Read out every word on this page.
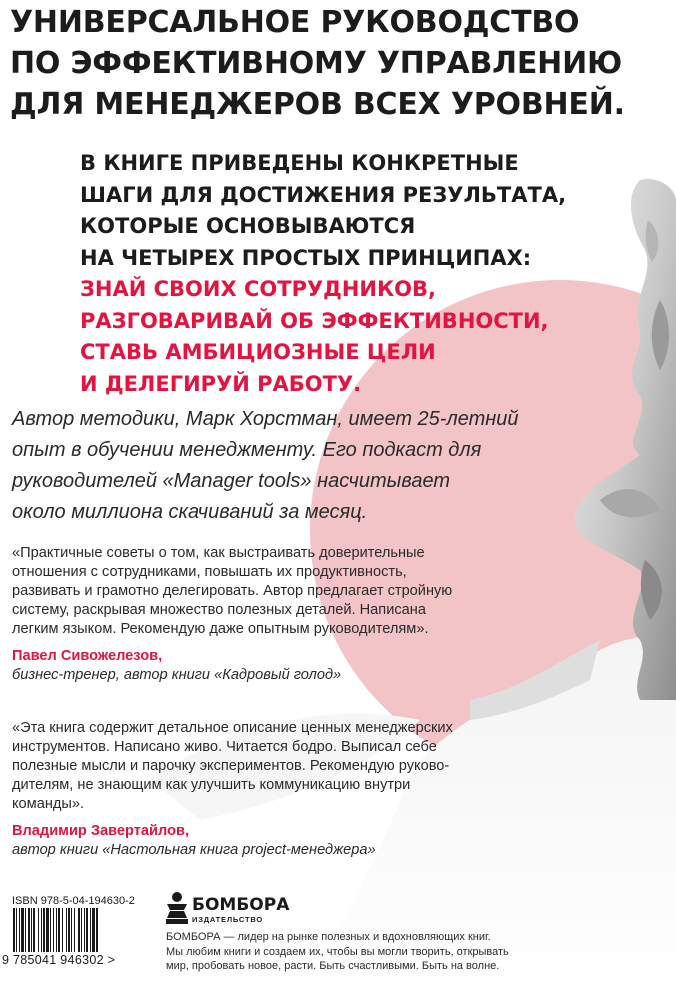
УНИВЕРСАЛЬНОЕ РУКОВОДСТВО
ПО ЭФФЕКТИВНОМУ УПРАВЛЕНИЮ
ДЛЯ МЕНЕДЖЕРОВ ВСЕХ УРОВНЕЙ.
В КНИГЕ ПРИВЕДЕНЫ КОНКРЕТНЫЕ
ШАГИ ДЛЯ ДОСТИЖЕНИЯ РЕЗУЛЬТАТА,
КОТОРЫЕ ОСНОВЫВАЮТСЯ
НА ЧЕТЫРЕХ ПРОСТЫХ ПРИНЦИПАХ:
ЗНАЙ СВОИХ СОТРУДНИКОВ,
РАЗГОВАРИВАЙ ОБ ЭФФЕКТИВНОСТИ,
СТАВЬ АМБИЦИОЗНЫЕ ЦЕЛИ
И ДЕЛЕГИРУЙ РАБОТУ.
Автор методики, Марк Хорстман, имеет 25-летний
опыт в обучении менеджменту. Его подкаст для
руководителей «Manager tools» насчитывает
около миллиона скачиваний за месяц.
«Практичные советы о том, как выстраивать доверительные
отношения с сотрудниками, повышать их продуктивность,
развивать и грамотно делегировать. Автор предлагает стройную
систему, раскрывая множество полезных деталей. Написана
легким языком. Рекомендую даже опытным руководителям».
Павел Сивожелезов,
бизнес-тренер, автор книги «Кадровый голод»
«Эта книга содержит детальное описание ценных менеджерских
инструментов. Написано живо. Читается бодро. Выписал себе
полезные мысли и парочку экспериментов. Рекомендую руково-
дителям, не знающим как улучшить коммуникацию внутри
команды».
Владимир Завертайлов,
автор книги «Настольная книга project-менеджера»
ISBN 978-5-04-194630-2
9 785041 946302 >
БОМБОРА
ИЗДАТЕЛЬСТВО
БОМБОРА — лидер на рынке полезных и вдохновляющих книг.
Мы любим книги и создаем их, чтобы вы могли творить, открывать
мир, пробовать новое, расти. Быть счастливыми. Быть на волне.
